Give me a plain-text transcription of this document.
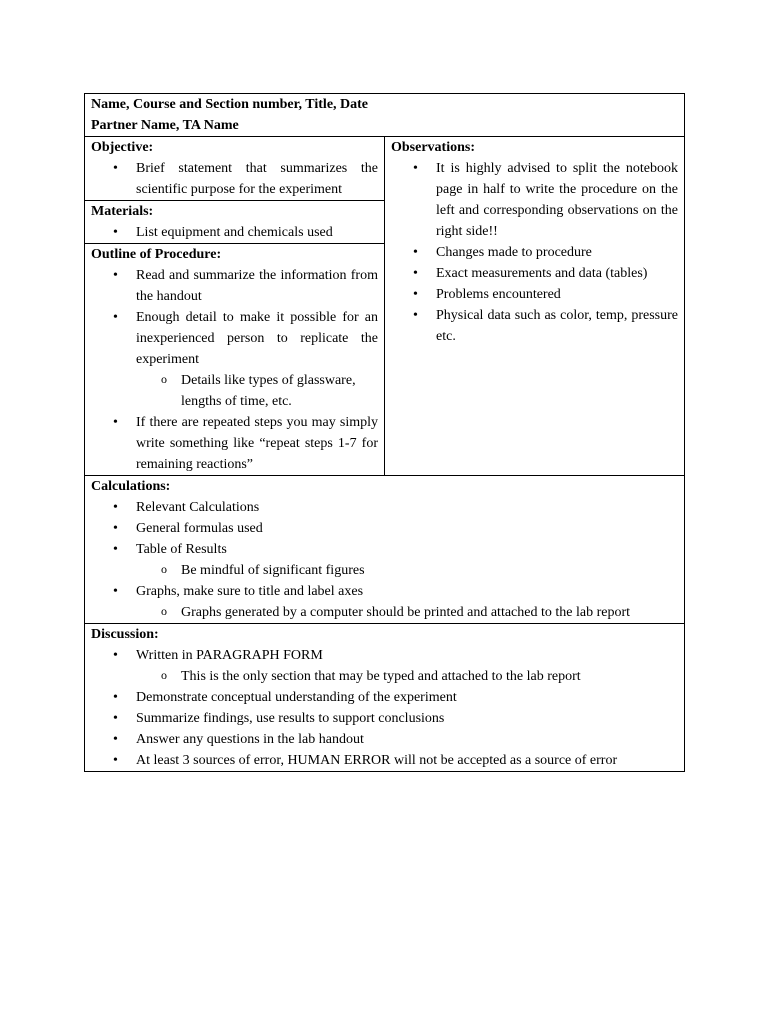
Name, Course and Section number, Title, Date
Partner Name, TA Name
Objective:
• Brief statement that summarizes the scientific purpose for the experiment
Materials:
• List equipment and chemicals used
Outline of Procedure:
• Read and summarize the information from the handout
• Enough detail to make it possible for an inexperienced person to replicate the experiment
o Details like types of glassware, lengths of time, etc.
• If there are repeated steps you may simply write something like “repeat steps 1-7 for remaining reactions”
Observations:
• It is highly advised to split the notebook page in half to write the procedure on the left and corresponding observations on the right side!!
• Changes made to procedure
• Exact measurements and data (tables)
• Problems encountered
• Physical data such as color, temp, pressure etc.
Calculations:
• Relevant Calculations
• General formulas used
• Table of Results
o Be mindful of significant figures
• Graphs, make sure to title and label axes
o Graphs generated by a computer should be printed and attached to the lab report
Discussion:
• Written in PARAGRAPH FORM
o This is the only section that may be typed and attached to the lab report
• Demonstrate conceptual understanding of the experiment
• Summarize findings, use results to support conclusions
• Answer any questions in the lab handout
• At least 3 sources of error, HUMAN ERROR will not be accepted as a source of error
